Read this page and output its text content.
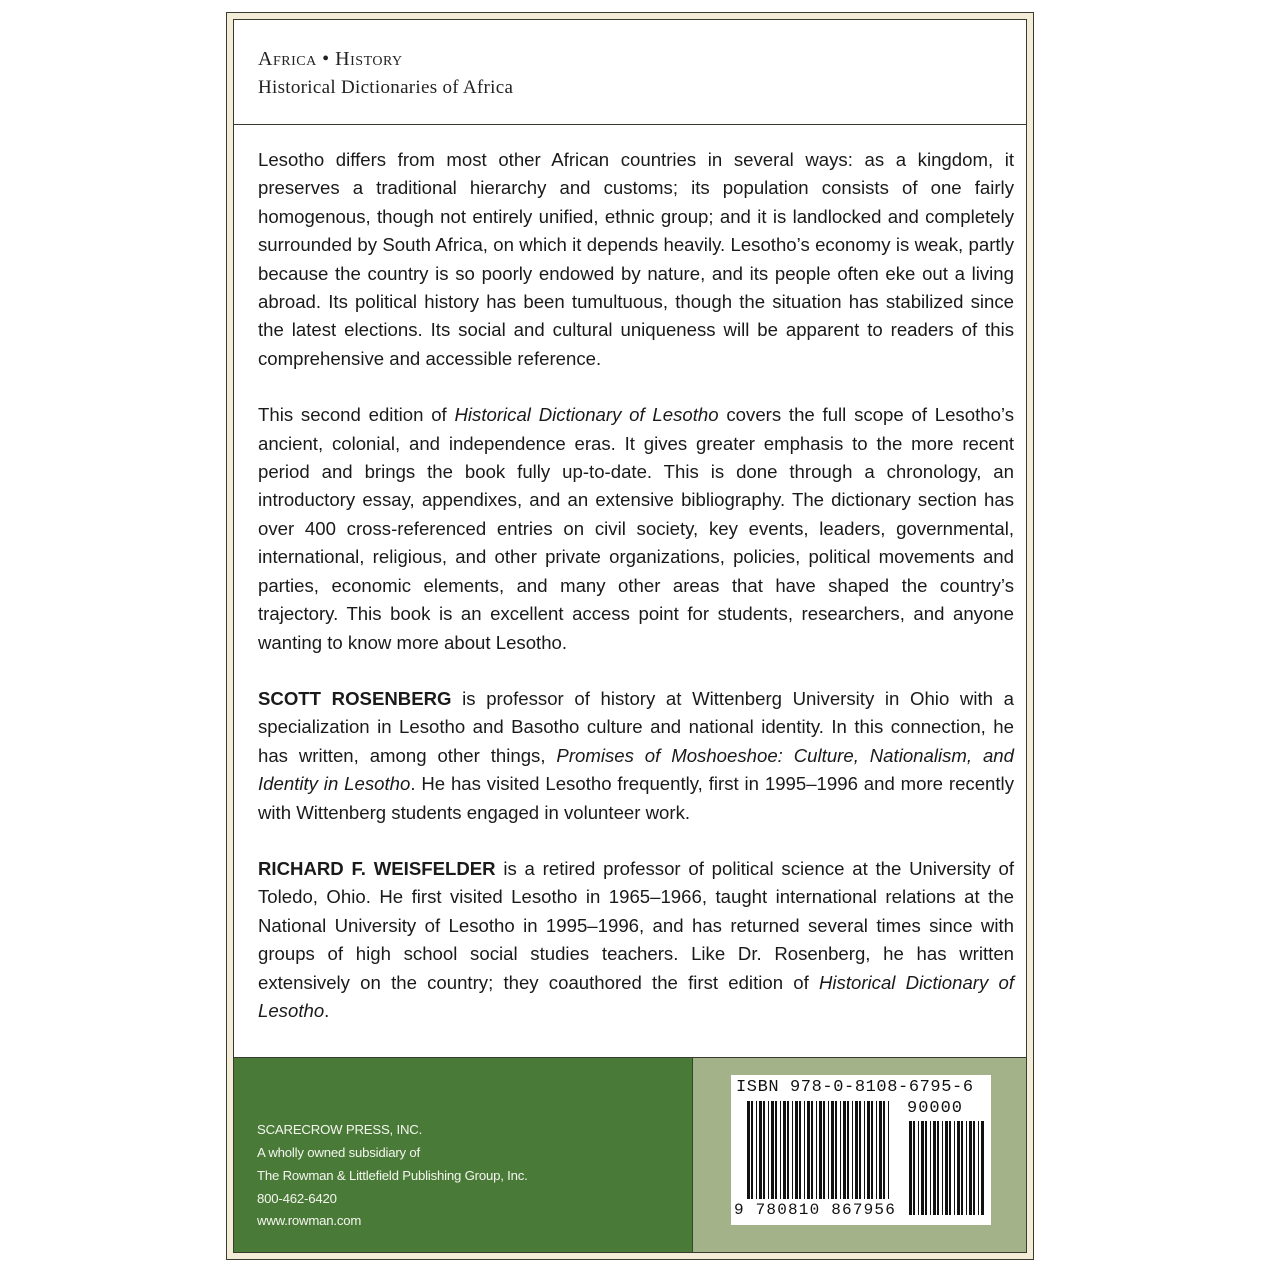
Africa • History
Historical Dictionaries of Africa

Lesotho differs from most other African countries in several ways: as a kingdom, it preserves a traditional hierarchy and customs; its population consists of one fairly homogenous, though not entirely unified, ethnic group; and it is landlocked and completely surrounded by South Africa, on which it depends heavily. Lesotho’s economy is weak, partly because the country is so poorly endowed by nature, and its people often eke out a living abroad. Its political history has been tumultuous, though the situation has stabilized since the latest elections. Its social and cultural uniqueness will be apparent to readers of this comprehensive and accessible reference.

This second edition of Historical Dictionary of Lesotho covers the full scope of Lesotho’s ancient, colonial, and independence eras. It gives greater emphasis to the more recent period and brings the book fully up-to-date. This is done through a chronology, an introductory essay, appendixes, and an extensive bibliography. The dictionary section has over 400 cross-referenced entries on civil society, key events, leaders, governmental, international, religious, and other private organizations, policies, political movements and parties, economic elements, and many other areas that have shaped the country’s trajectory. This book is an excellent access point for students, researchers, and anyone wanting to know more about Lesotho.

SCOTT ROSENBERG is professor of history at Wittenberg University in Ohio with a specialization in Lesotho and Basotho culture and national identity. In this connection, he has written, among other things, Promises of Moshoeshoe: Culture, Nationalism, and Identity in Lesotho. He has visited Lesotho frequently, first in 1995–1996 and more recently with Wittenberg students engaged in volunteer work.

RICHARD F. WEISFELDER is a retired professor of political science at the University of Toledo, Ohio. He first visited Lesotho in 1965–1966, taught international relations at the National University of Lesotho in 1995–1996, and has returned several times since with groups of high school social studies teachers. Like Dr. Rosenberg, he has written extensively on the country; they coauthored the first edition of Historical Dictionary of Lesotho.

SCARECROW PRESS, INC.
A wholly owned subsidiary of
The Rowman & Littlefield Publishing Group, Inc.
800-462-6420
www.rowman.com
ISBN 978-0-8108-6795-6
90000
9 780810 867956
